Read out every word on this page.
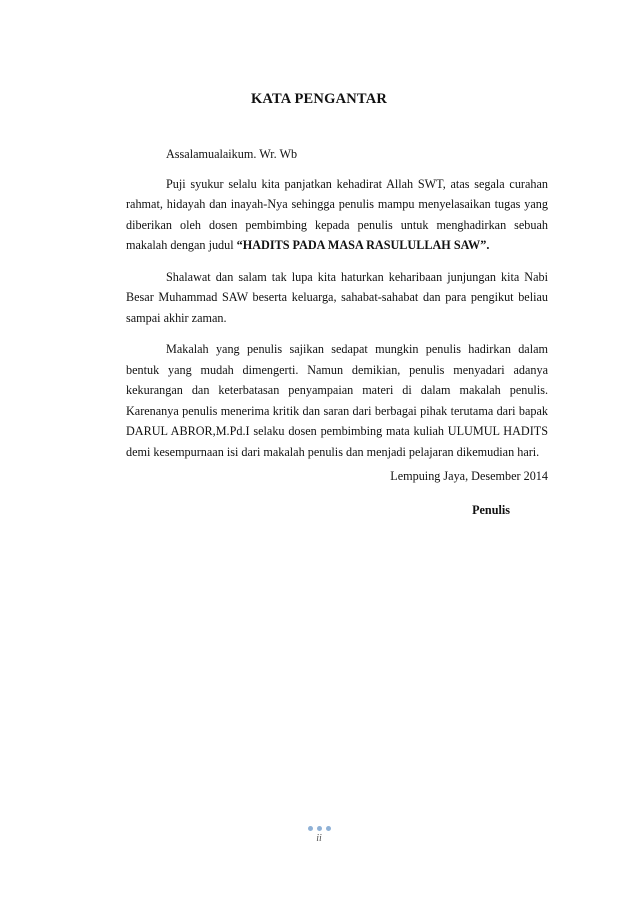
KATA PENGANTAR

Assalamualaikum. Wr. Wb

Puji syukur selalu kita panjatkan kehadirat Allah SWT, atas segala curahan rahmat, hidayah dan inayah-Nya sehingga penulis mampu menyelasaikan tugas yang diberikan oleh dosen pembimbing kepada penulis untuk menghadirkan sebuah makalah dengan judul “HADITS PADA MASA RASULULLAH SAW”.

Shalawat dan salam tak lupa kita haturkan keharibaan junjungan kita Nabi Besar Muhammad SAW beserta keluarga, sahabat-sahabat dan para pengikut beliau sampai akhir zaman.

Makalah yang penulis sajikan sedapat mungkin penulis hadirkan dalam bentuk yang mudah dimengerti. Namun demikian, penulis menyadari adanya kekurangan dan keterbatasan penyampaian materi di dalam makalah penulis. Karenanya penulis menerima kritik dan saran dari berbagai pihak terutama dari bapak DARUL ABROR,M.Pd.I selaku dosen pembimbing mata kuliah ULUMUL HADITS demi kesempurnaan isi dari makalah penulis dan menjadi pelajaran dikemudian hari.

Lempuing Jaya, Desember 2014
Penulis
ii
